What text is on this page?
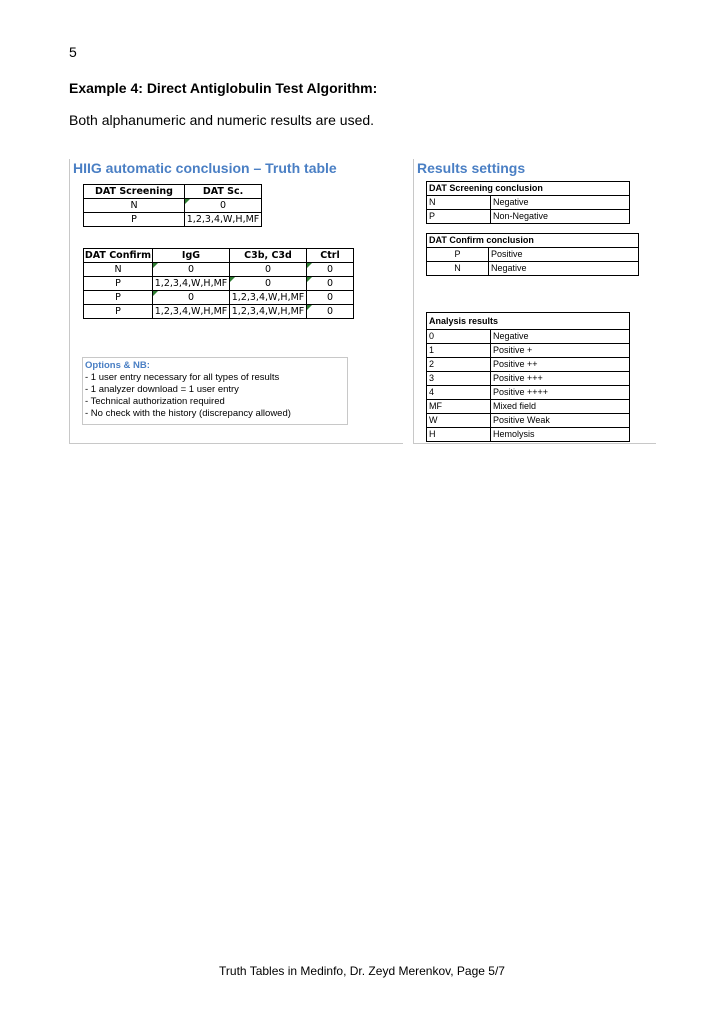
5
Example 4: Direct Antiglobulin Test Algorithm:
Both alphanumeric and numeric results are used.
HIIG automatic conclusion – Truth table
DAT Screening	DAT Sc.
N	0
P	1,2,3,4,W,H,MF
DAT Confirm	IgG	C3b, C3d	Ctrl
N	0	0	0
P	1,2,3,4,W,H,MF	0	0
P	0	1,2,3,4,W,H,MF	0
P	1,2,3,4,W,H,MF	1,2,3,4,W,H,MF	0
Options & NB:
- 1 user entry necessary for all types of results
- 1 analyzer download = 1 user entry
- Technical authorization required
- No check with the history (discrepancy allowed)
Results settings
DAT Screening conclusion	
N	Negative
P	Non-Negative
DAT Confirm conclusion	
P	Positive
N	Negative
Analysis results	
0	Negative
1	Positive +
2	Positive ++
3	Positive +++
4	Positive ++++
MF	Mixed field
W	Positive Weak
H	Hemolysis
Truth Tables in Medinfo, Dr. Zeyd Merenkov, Page 5/7
